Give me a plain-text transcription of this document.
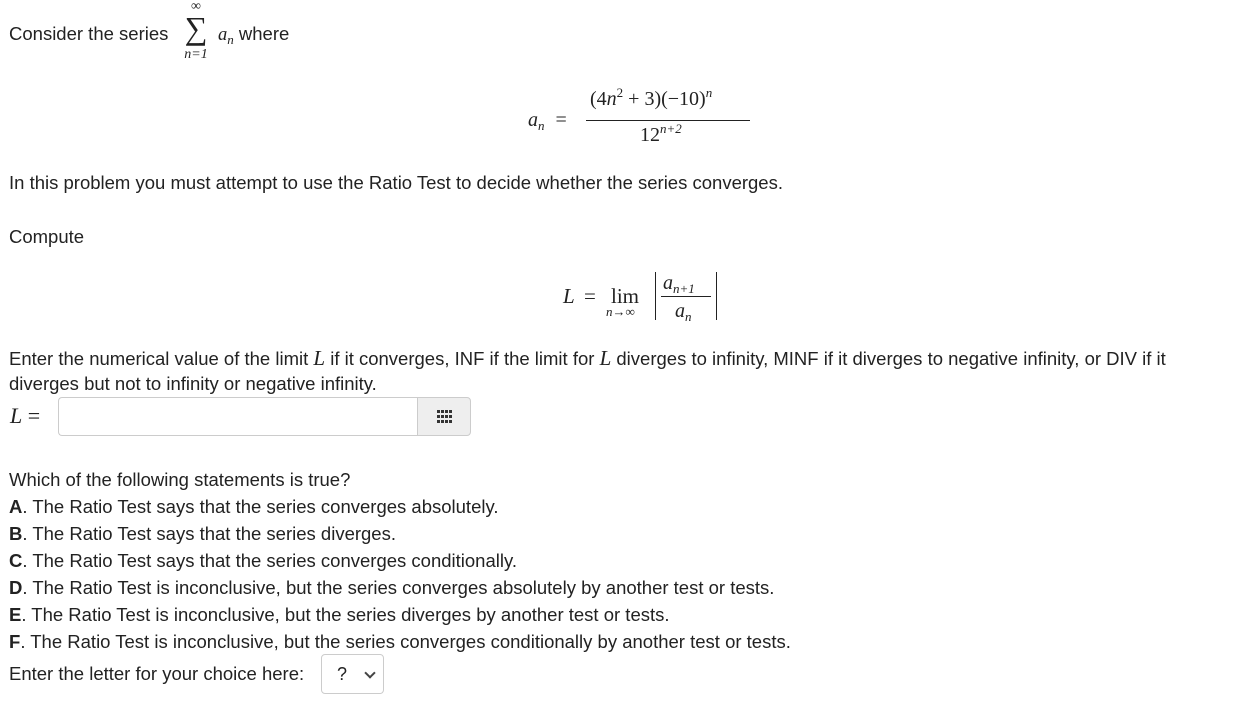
Consider the series
∞
∑
n=1
$a_n$ where
$a_n$ =
$(4n^2 + 3)(-10)^n$
$12^{n+2}$
In this problem you must attempt to use the Ratio Test to decide whether the series converges.
Compute
L = lim
n→∞
$a_{n+1}$
$a_n$
Enter the numerical value of the limit L if it converges, INF if the limit for L diverges to infinity, MINF if it diverges to negative infinity, or DIV if it
diverges but not to infinity or negative infinity.
L =
Which of the following statements is true?
A. The Ratio Test says that the series converges absolutely.
B. The Ratio Test says that the series diverges.
C. The Ratio Test says that the series converges conditionally.
D. The Ratio Test is inconclusive, but the series converges absolutely by another test or tests.
E. The Ratio Test is inconclusive, but the series diverges by another test or tests.
F. The Ratio Test is inconclusive, but the series converges conditionally by another test or tests.
Enter the letter for your choice here: ?
